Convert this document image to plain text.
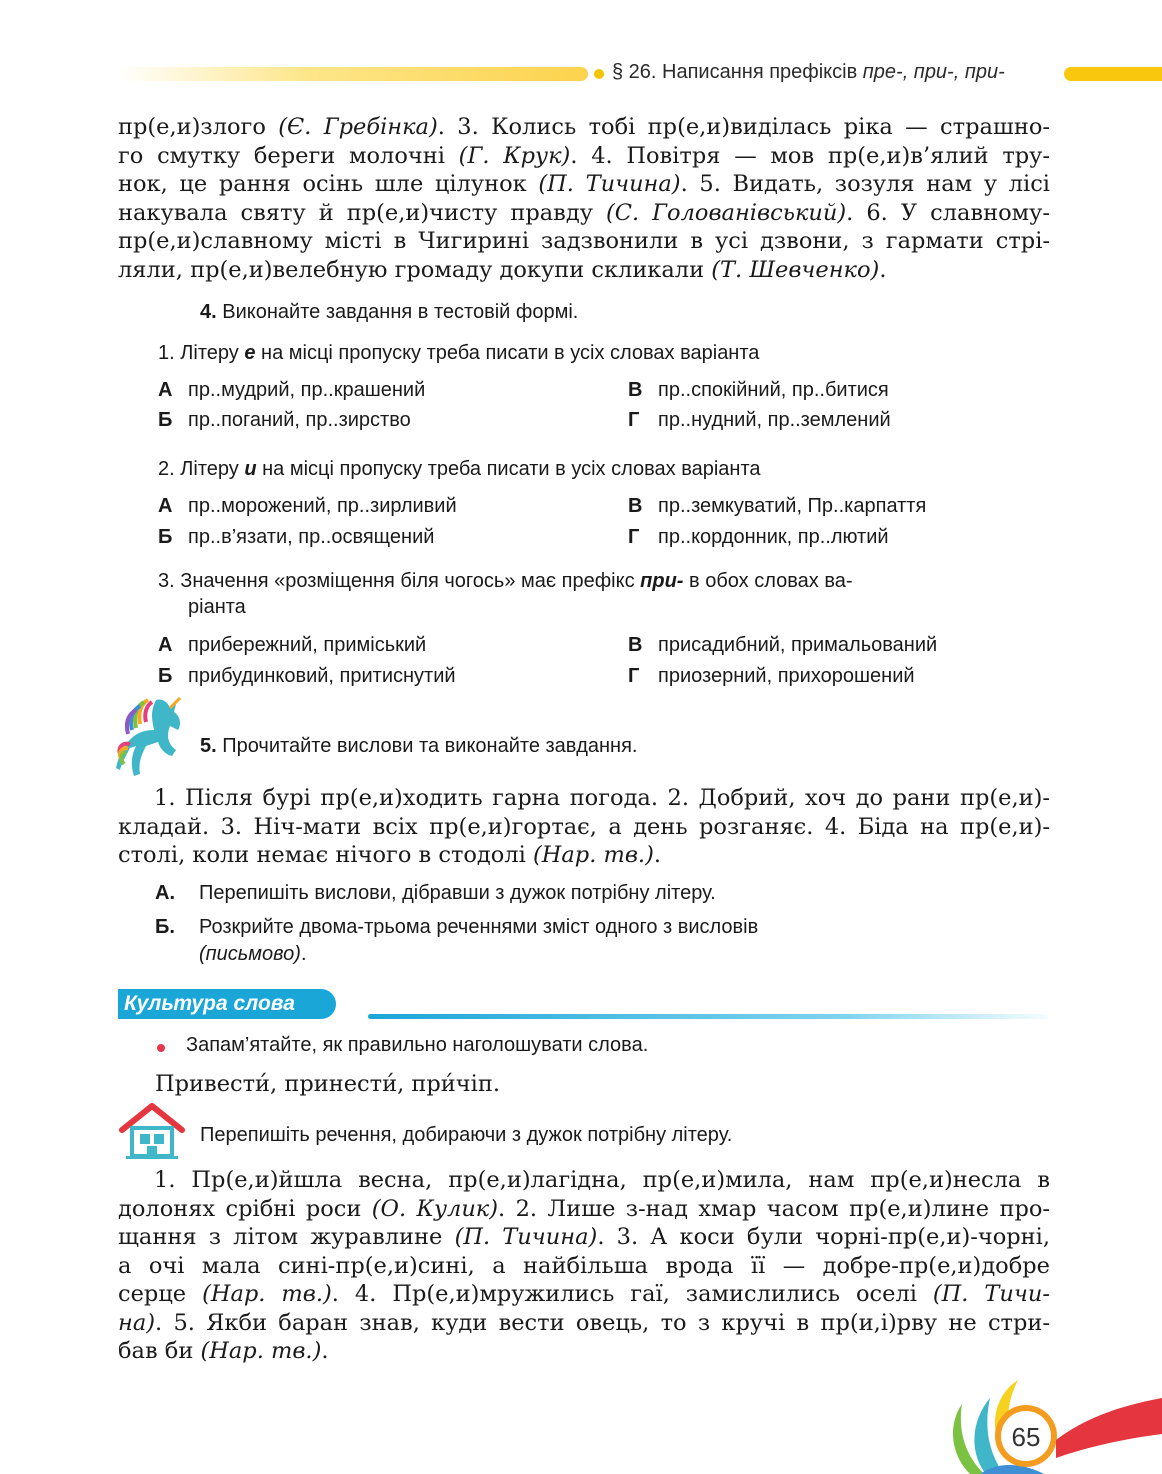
§ 26. Написання префіксів пре-, при-, при-
пр(е,и)злого (Є. Гребінка). 3. Колись тобі пр(е,и)виділась ріка — страшно-
го смутку береги молочні (Г. Крук). 4. Повітря — мов пр(е,и)в’ялий тру-
нок, це рання осінь шле цілунок (П. Тичина). 5. Видать, зозуля нам у лісі
накувала святу й пр(е,и)чисту правду (С. Голованівський). 6. У славному-
пр(е,и)славному місті в Чигирині задзвонили в усі дзвони, з гармати стрі-
ляли, пр(е,и)велебную громаду докупи скликали (Т. Шевченко).
4. Виконайте завдання в тестовій формі.
1. Літеру е на місці пропуску треба писати в усіх словах варіанта
А пр..мудрий, пр..крашений	В пр..спокійний, пр..битися
Б пр..поганий, пр..зирство	Г пр..нудний, пр..землений
2. Літеру и на місці пропуску треба писати в усіх словах варіанта
А пр..морожений, пр..зирливий	В пр..земкуватий, Пр..карпаття
Б пр..в’язати, пр..освящений	Г пр..кордонник, пр..лютий
3. Значення «розміщення біля чогось» має префікс при- в обох словах ва-
ріанта
А прибережний, приміський	В присадибний, примальований
Б прибудинковий, притиснутий	Г приозерний, прихорошений
5. Прочитайте вислови та виконайте завдання.
1. Після бурі пр(е,и)ходить гарна погода. 2. Добрий, хоч до рани пр(е,и)-
кладай. 3. Ніч-мати всіх пр(е,и)гортає, а день розганяє. 4. Біда на пр(е,и)-
столі, коли немає нічого в стодолі (Нар. тв.).
А. Перепишіть вислови, дібравши з дужок потрібну літеру.
Б. Розкрийте двома-трьома реченнями зміст одного з висловів
(письмово).
Культура слова
Запам’ятайте, як правильно наголошувати слова.
Привести́, принести́, при́чіп.
Перепишіть речення, добираючи з дужок потрібну літеру.
1. Пр(е,и)йшла весна, пр(е,и)лагідна, пр(е,и)мила, нам пр(е,и)несла в
долонях срібні роси (О. Кулик). 2. Лише з-над хмар часом пр(е,и)лине про-
щання з літом журавлине (П. Тичина). 3. А коси були чорні-пр(е,и)-чорні,
а очі мала сині-пр(е,и)сині, а найбільша врода її — добре-пр(е,и)добре
серце (Нар. тв.). 4. Пр(е,и)мружились гаї, замислились оселі (П. Тичи-
на). 5. Якби баран знав, куди вести овець, то з кручі в пр(и,і)рву не стри-
бав би (Нар. тв.).
65
